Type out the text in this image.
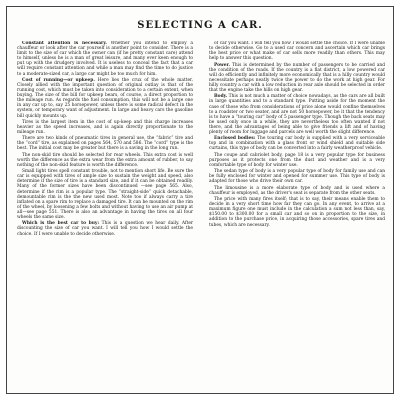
SELECTING A CAR.

Constant attention is necessary. Whether you intend to employ a chauffeur or look after the car yourself is another point to consider. There is a limit to the size of car which the owner can (if he pretty constant care) attend to himself, unless he is a man of great leisure, and many ever keen enough to put up with the drudgery involved. It is useless to conceal the fact that a car will require constant attention and while a man may find the time to do justice to a moderate-sized car, a large car might be too much for him.

Cost of running—or upkeep. Here lies the crux of the whole matter. Closely allied with the important question of original outlay is that of the running cost, which must be taken into consideration to a certain extent, when buying. The size of the bill for upkeep bears, of course, a direct proportion to the mileage run. As regards the fuel consumption, this will not be a large one in any car up to, say 25 horsepower, unless there is some radical defect in the system, or temporary want of adjustment. In large and heavy cars the gasoline bill quickly mounts up.

Tires is the largest item in the cost of up-keep and this charge increases heavier as the speed increases, and is again directly proportionate to the mileage run.

There are two kinds of pneumatic tires in general use, the “fabric” tire and the “cord” tire, as explained on pages 564, 570 and 586. The “cord” type is the best. The initial cost may be greater but there is a saving in the long run.

The non-skid tire should be selected for rear wheels. This extra cost is well worth the difference as the extra wear from the extra amount of rubber, to say nothing of the non-skid feature is worth the difference.

Small light tires spell constant trouble, not to mention short life. Be sure the car is equipped with tires of ample size to sustain the weight and speed, also determine if the size of tire is a standard size, and if it can be obtained readily. Many of the former sizes have been discontinued —see page 565. Also, determine if the rim is a popular type. The “straight-side” quick detachable, demountable rim is the the new used most. Note too if always carry a tire inflated on a spare rim to replace a damaged tire. It can be mounted on the rim of the wheel, by loosening a few bolts and without having to use an air pump at all—see page 551. There is also an advantage in having the tires on all four wheels the same size.

Which is the best car to buy: This is a question we hear daily. After discounting the size of car you want. I will tell you how I would settle the choice. If I were unable to decide otherwise.

of car you want. I will tell you how I would settle the choice. If I were unable to decide otherwise. Go to a used car concern and ascertain which car brings the best price or what make of car sells more readily than others. This may help to answer this question.

Power. This is determined by the number of passengers to be carried and the condition of the roads. If the country is a flat district, a low powered car will do efficiently and infinitely more economically that is a hilly country would necessitate perhaps neatly twice the power to do the work at high gear. For hilly country a car with a low reduction in rear axle should be selected in order that the engine take the hills on high gear.

Body. This is not much a matter of choice nowadays, as the cars are all built in large quantities and to a standard type. Putting aside for the moment the case of those who from considerations of price alone would confine themselves to a roadster or two seater, and are not 50 horsepower, be it that the tendency is to have a “touring car” body of 5 passenger type. Though the back seats may be used only once in a while, they are nevertheless too often wanted if not there, and the advantages of being able to give friends a lift and of having plenty of room for luggage and parcels are well worth the slight difference.

Enclosed bodies: The touring car body is supplied with a very serviceable top and in combination with a glass front or wind shield and suitable side curtains, this type of body can be converted into a fairly weatherproof vehicle.

The coupe and cabriolet body, page 18 is a very popular type for business purposes as it protects one from the dust and weather and is a very comfortable type of body for winter use.

The sedan type of body is a very popular type of body for family use and can be fully enclosed for winter and opened for summer use. This type of body is adapted for those who drive their own car.

The limousine is a more elaborate type of body and is used where a chauffeur is employed, as the driver's seat is separate from the other seats.

The price with many fires itself; that is to say, their means enable them to decide in a very short time how far they can go. In any event, to arrive at a maximum figure one must include in the calculation a sum not less than, say, $150.00 to $300.00 for a small car and so on in proportion to the size, in addition to the purchase price, in acquiring those accessories, spare tires and tubes, which are necessary.
